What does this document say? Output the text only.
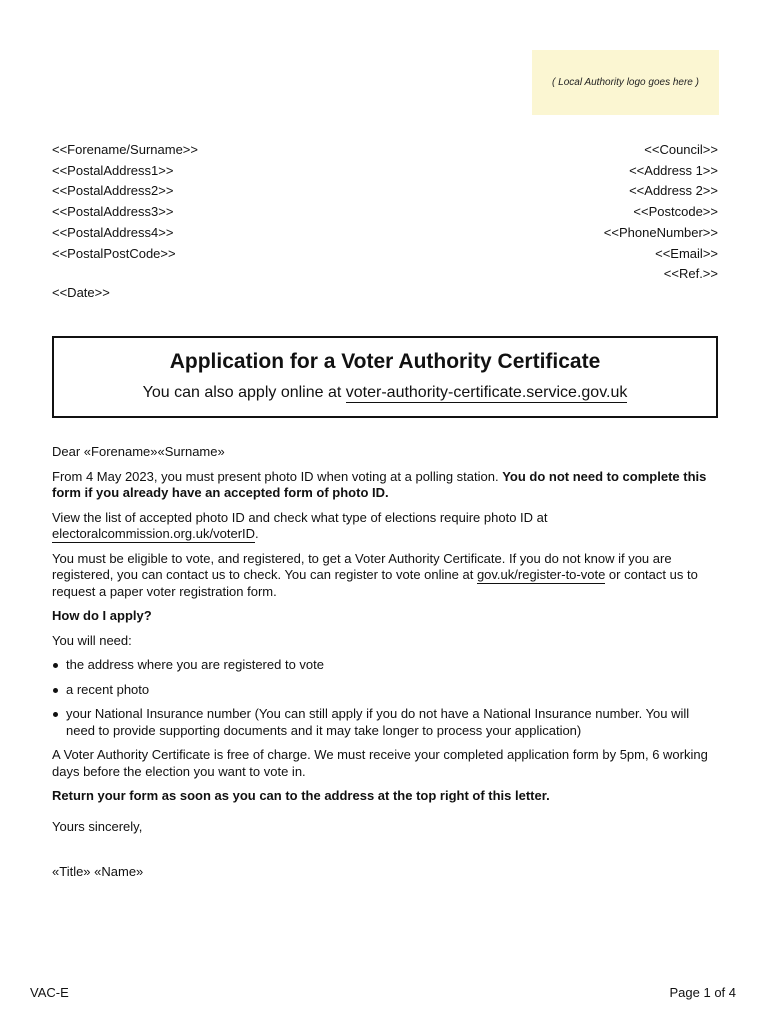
( Local Authority logo goes here )
<<Forename/Surname>>
<<PostalAddress1>>
<<PostalAddress2>>
<<PostalAddress3>>
<<PostalAddress4>>
<<PostalPostCode>>
<<Council>>
<<Address 1>>
<<Address 2>>
<<Postcode>>
<<PhoneNumber>>
<<Email>>
<<Ref.>>
<<Date>>
Application for a Voter Authority Certificate
You can also apply online at voter-authority-certificate.service.gov.uk

Dear «Forename»«Surname»

From 4 May 2023, you must present photo ID when voting at a polling station. You do not need to complete this form if you already have an accepted form of photo ID.

View the list of accepted photo ID and check what type of elections require photo ID at electoralcommission.org.uk/voterID.

You must be eligible to vote, and registered, to get a Voter Authority Certificate. If you do not know if you are registered, you can contact us to check. You can register to vote online at gov.uk/register-to-vote or contact us to request a paper voter registration form.

How do I apply?

You will need:

the address where you are registered to vote
a recent photo
your National Insurance number (You can still apply if you do not have a National Insurance number. You will need to provide supporting documents and it may take longer to process your application)

A Voter Authority Certificate is free of charge. We must receive your completed application form by 5pm, 6 working days before the election you want to vote in.

Return your form as soon as you can to the address at the top right of this letter.

Yours sincerely,
«Title» «Name»
VAC-E	Page 1 of 4
